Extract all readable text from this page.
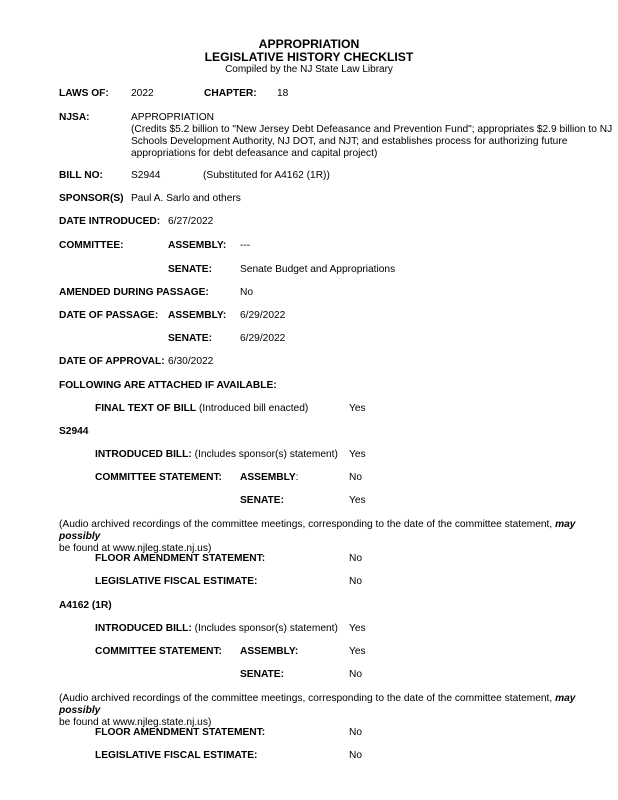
APPROPRIATION
LEGISLATIVE HISTORY CHECKLIST
Compiled by the NJ State Law Library
LAWS OF: 2022	CHAPTER: 18
NJSA:	APPROPRIATION
(Credits $5.2 billion to "New Jersey Debt Defeasance and Prevention Fund"; appropriates $2.9 billion to NJ
Schools Development Authority, NJ DOT, and NJT; and establishes process for authorizing future
appropriations for debt defeasance and capital project)
BILL NO:	S2944	(Substituted for A4162 (1R))
SPONSOR(S) Paul A. Sarlo and others
DATE INTRODUCED: 6/27/2022
COMMITTEE:	ASSEMBLY: ---
SENATE:	Senate Budget and Appropriations
AMENDED DURING PASSAGE:	No
DATE OF PASSAGE: ASSEMBLY: 6/29/2022
SENATE:	6/29/2022
DATE OF APPROVAL: 6/30/2022
FOLLOWING ARE ATTACHED IF AVAILABLE:
FINAL TEXT OF BILL (Introduced bill enacted)	Yes
S2944
INTRODUCED BILL: (Includes sponsor(s) statement) Yes
COMMITTEE STATEMENT: ASSEMBLY:	No
SENATE:	Yes
(Audio archived recordings of the committee meetings, corresponding to the date of the committee statement, may possibly
be found at www.njleg.state.nj.us)
FLOOR AMENDMENT STATEMENT:	No
LEGISLATIVE FISCAL ESTIMATE:	No
A4162 (1R)
INTRODUCED BILL: (Includes sponsor(s) statement) Yes
COMMITTEE STATEMENT: ASSEMBLY:	Yes
SENATE:	No
(Audio archived recordings of the committee meetings, corresponding to the date of the committee statement, may possibly
be found at www.njleg.state.nj.us)
FLOOR AMENDMENT STATEMENT:	No
LEGISLATIVE FISCAL ESTIMATE:	No
